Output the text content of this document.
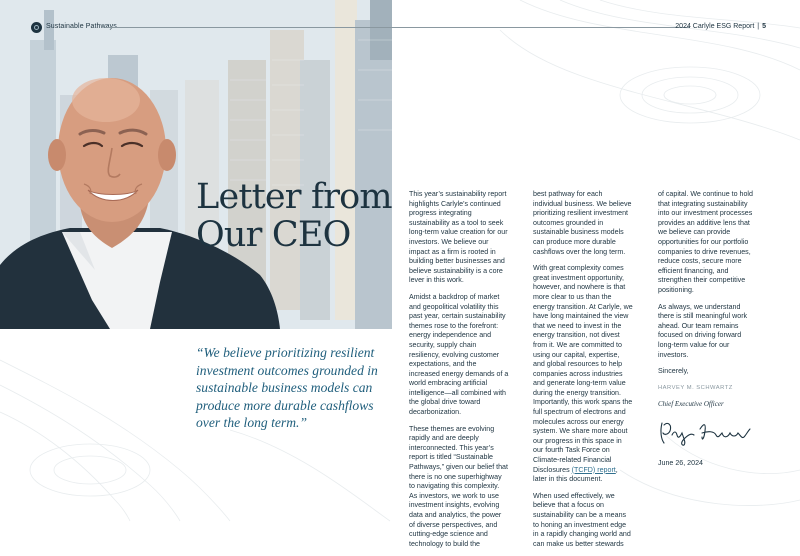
Sustainable Pathways	2024 Carlyle ESG Report | 5
Letter from
Our CEO
“We believe prioritizing resilient investment outcomes grounded in sustainable business models can produce more durable cashflows over the long term.”

This year’s sustainability report highlights Carlyle’s continued progress integrating sustainability as a tool to seek long-term value creation for our investors. We believe our impact as a firm is rooted in building better businesses and believe sustainability is a core lever in this work.

Amidst a backdrop of market and geopolitical volatility this past year, certain sustainability themes rose to the forefront: energy independence and security, supply chain resiliency, evolving customer expectations, and the increased energy demands of a world embracing artificial intelligence—all combined with the global drive toward decarbonization.

These themes are evolving rapidly and are deeply interconnected. This year’s report is titled “Sustainable Pathways,” given our belief that there is no one superhighway to navigating this complexity. As investors, we work to use investment insights, evolving data and analytics, the power of diverse perspectives, and cutting-edge science and technology to build the

best pathway for each individual business. We believe prioritizing resilient investment outcomes grounded in sustainable business models can produce more durable cashflows over the long term.

With great complexity comes great investment opportunity, however, and nowhere is that more clear to us than the energy transition. At Carlyle, we have long maintained the view that we need to invest in the energy transition, not divest from it. We are committed to using our capital, expertise, and global resources to help companies across industries and generate long-term value during the energy transition. Importantly, this work spans the full spectrum of electrons and molecules across our energy system. We share more about our progress in this space in our fourth Task Force on Climate-related Financial Disclosures (TCFD) report, later in this document.

When used effectively, we believe that a focus on sustainability can be a means to honing an investment edge in a rapidly changing world and can make us better stewards

of capital. We continue to hold that integrating sustainability into our investment processes provides an additive lens that we believe can provide opportunities for our portfolio companies to drive revenues, reduce costs, secure more efficient financing, and strengthen their competitive positioning.

As always, we understand there is still meaningful work ahead. Our team remains focused on driving forward long-term value for our investors.

Sincerely,

HARVEY M. SCHWARTZ

Chief Executive Officer

June 26, 2024
